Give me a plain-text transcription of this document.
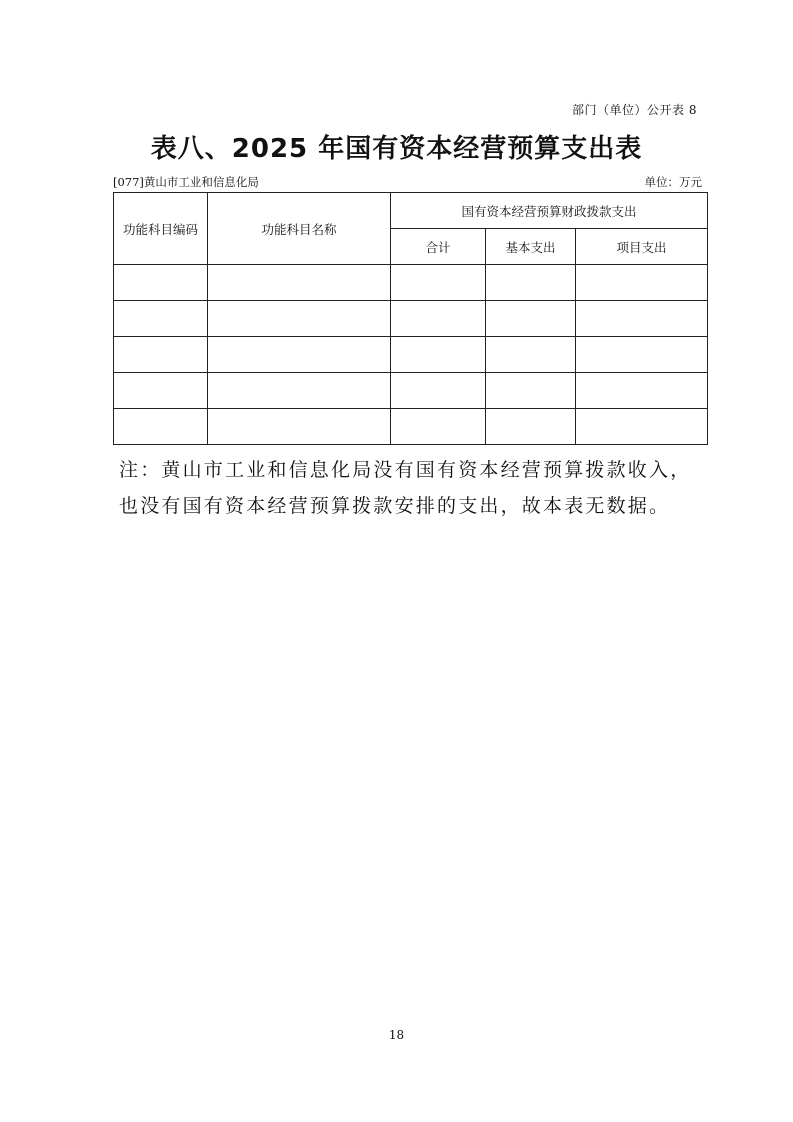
部门（单位）公开表 8
表八、2025 年国有资本经营预算支出表
[077]黄山市工业和信息化局	单位：万元
功能科目编码	功能科目名称	国有资本经营预算财政拨款支出		
		合计	基本支出	项目支出

注：黄山市工业和信息化局没有国有资本经营预算拨款收入，

也没有国有资本经营预算拨款安排的支出，故本表无数据。

18
